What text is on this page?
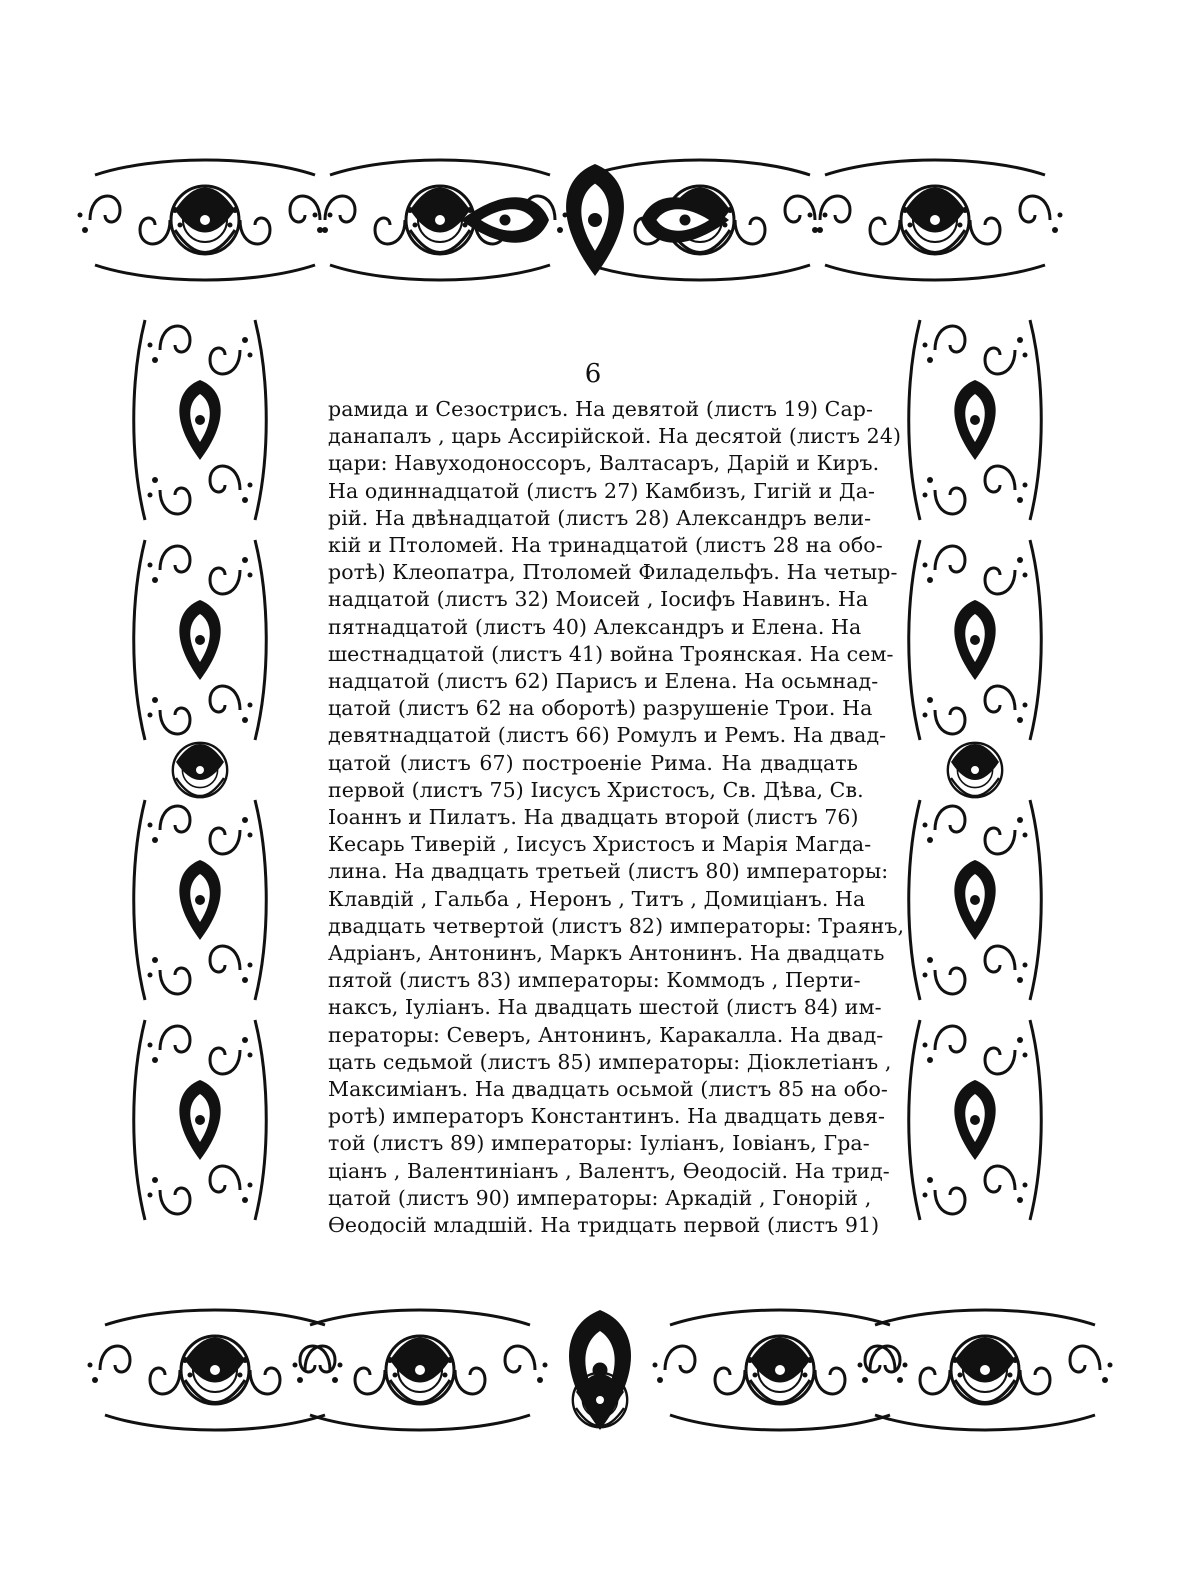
6
рамида и Сезострисъ. На девятой (листъ 19) Сар-
данапалъ , царь Ассирійской. На десятой (листъ 24)
цари: Навуходоноссоръ, Валтасаръ, Дарій и Киръ.
На одиннадцатой (листъ 27) Камбизъ, Гигій и Да-
рій. На двѣнадцатой (листъ 28) Александръ вели-
кій и Птоломей. На тринадцатой (листъ 28 на обо-
ротѣ) Клеопатра, Птоломей Филадельфъ. На четыр-
надцатой (листъ 32) Моисей , Іосифъ Навинъ. На
пятнадцатой (листъ 40) Александръ и Елена. На
шестнадцатой (листъ 41) война Троянская. На сем-
надцатой (листъ 62) Парисъ и Елена. На осьмнад-
цатой (листъ 62 на оборотѣ) разрушеніе Трои. На
девятнадцатой (листъ 66) Ромулъ и Ремъ. На двад-
цатой (листъ 67) построеніе Рима. На двадцать
первой (листъ 75) Іисусъ Христосъ, Св. Дѣва, Св.
Іоаннъ и Пилатъ. На двадцать второй (листъ 76)
Кесарь Тиверій , Іисусъ Христосъ и Марія Магда-
лина. На двадцать третьей (листъ 80) императоры:
Клавдій , Гальба , Неронъ , Титъ , Домиціанъ. На
двадцать четвертой (листъ 82) императоры: Траянъ,
Адріанъ, Антонинъ, Маркъ Антонинъ. На двадцать
пятой (листъ 83) императоры: Коммодъ , Перти-
наксъ, Іуліанъ. На двадцать шестой (листъ 84) им-
ператоры: Северъ, Антонинъ, Каракалла. На двад-
цать седьмой (листъ 85) императоры: Діоклетіанъ ,
Максиміанъ. На двадцать осьмой (листъ 85 на обо-
ротѣ) императоръ Константинъ. На двадцать девя-
той (листъ 89) императоры: Іуліанъ, Іовіанъ, Гра-
ціанъ , Валентиніанъ , Валентъ, Ѳеодосій. На трид-
цатой (листъ 90) императоры: Аркадій , Гонорій ,
Ѳеодосій младшій. На тридцать первой (листъ 91)
